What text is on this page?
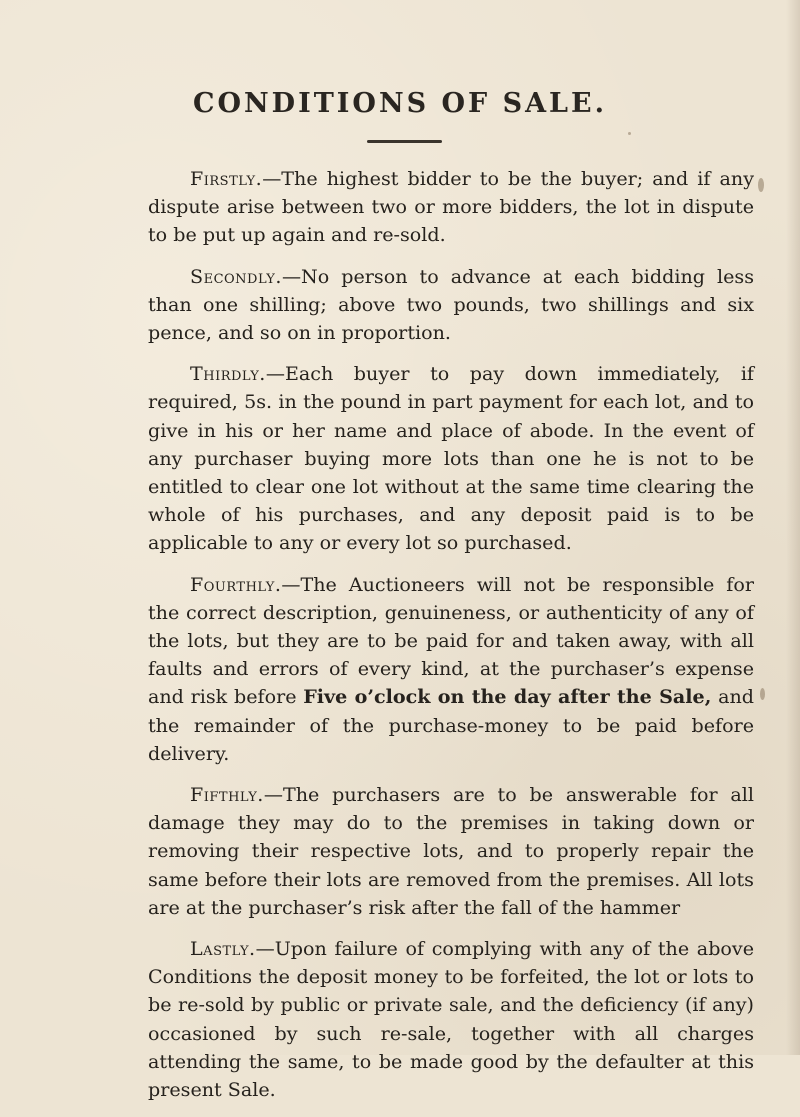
CONDITIONS OF SALE.

Firstly.—The highest bidder to be the buyer; and if any dispute arise between two or more bidders, the lot in dispute to be put up again and re-sold.

Secondly.—No person to advance at each bidding less than one shilling; above two pounds, two shillings and six pence, and so on in proportion.

Thirdly.—Each buyer to pay down immediately, if required, 5s. in the pound in part payment for each lot, and to give in his or her name and place of abode. In the event of any purchaser buying more lots than one he is not to be entitled to clear one lot without at the same time clearing the whole of his purchases, and any deposit paid is to be applicable to any or every lot so purchased.

Fourthly.—The Auctioneers will not be responsible for the correct description, genuineness, or authenticity of any of the lots, but they are to be paid for and taken away, with all faults and errors of every kind, at the purchaser’s expense and risk before Five o’clock on the day after the Sale, and the remainder of the purchase-money to be paid before delivery.

Fifthly.—The purchasers are to be answerable for all damage they may do to the premises in taking down or removing their respective lots, and to properly repair the same before their lots are removed from the premises. All lots are at the purchaser’s risk after the fall of the hammer

Lastly.—Upon failure of complying with any of the above Conditions the deposit money to be forfeited, the lot or lots to be re-sold by public or private sale, and the deficiency (if any) occasioned by such re-sale, together with all charges attending the same, to be made good by the defaulter at this present Sale.
